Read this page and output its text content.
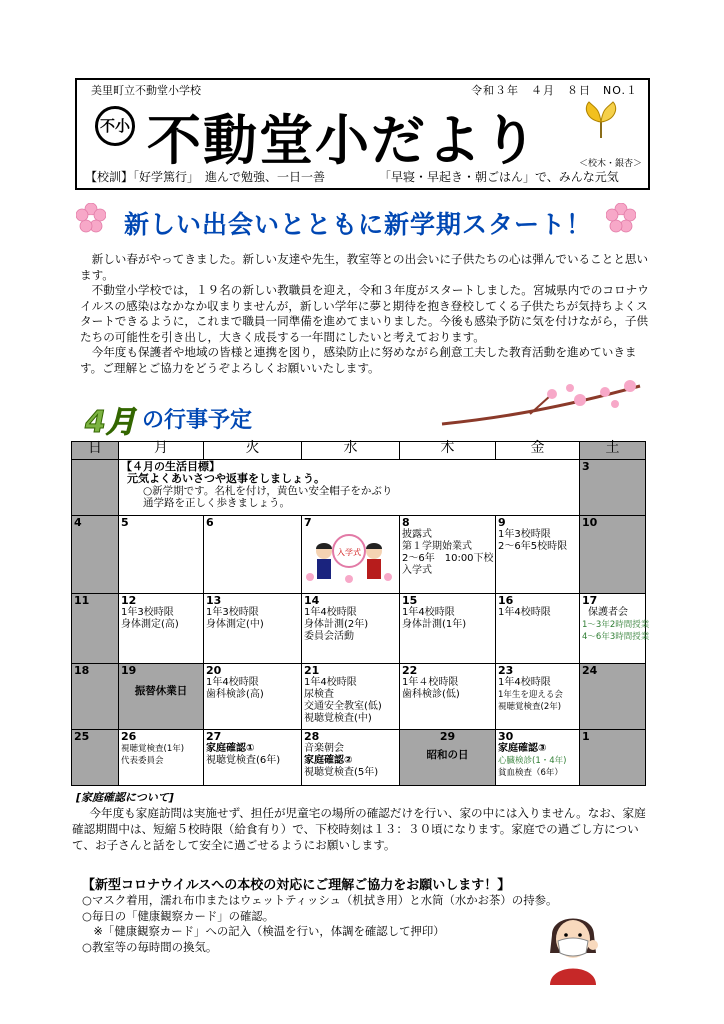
美里町立不動堂小学校	令和３年　４月　８日　NO.１
不小 不動堂小だより	＜校木・銀杏＞
【校訓】「好学篤行」　進んで勉強、一日一善	「早寝・早起き・朝ごはん」で、みんな元気
新しい出会いとともに新学期スタート！

新しい春がやってきました。新しい友達や先生，教室等との出会いに子供たちの心は弾んでいることと思います。

不動堂小学校では，１９名の新しい教職員を迎え，令和３年度がスタートしました。宮城県内でのコロナウイルスの感染はなかなか収まりませんが，新しい学年に夢と期待を抱き登校してくる子供たちが気持ちよくスタートできるように，これまで職員一同準備を進めてまいりました。今後も感染予防に気を付けながら，子供たちの可能性を引き出し，大きく成長する一年間にしたいと考えております。

今年度も保護者や地域の皆様と連携を図り，感染防止に努めながら創意工夫した教育活動を進めていきます。ご理解とご協力をどうぞよろしくお願いいたします。

4月 の行事予定
日	月	火	水	木	金	土

	【４月の生活目標】
元気よくあいさつや返事をしましょう。
○新学期です。名札を付け，黄色い安全帽子をかぶり
通学路を正しく歩きましょう。					3

4	5	6	7
入学式	8
披露式
第１学期始業式
2～6年　10:00下校
入学式	9
1年3校時限
2～6年5校時限	10

11	12
1年3校時限
身体測定(高)	13
1年3校時限
身体測定(中)	14
1年4校時限
身体計測(2年)
委員会活動	15
1年4校時限
身体計測(1年)	16
1年4校時限	17
保護者会
1～3年2時間授業
4～6年3時間授業

18	19
振替休業日	20
1年4校時限
歯科検診(高)	21
1年4校時限
尿検査
交通安全教室(低)
視聴覚検査(中)	22
1年４校時限
歯科検診(低)	23
1年4校時限
1年生を迎える会
視聴覚検査(2年)	24

25	26
視聴覚検査(1年)
代表委員会	27
家庭確認①
視聴覚検査(6年)	28
音楽朝会
家庭確認②
視聴覚検査(5年)	29
昭和の日	30
家庭確認③
心臓検診(1・4年)
貧血検査（6年）	1
[家庭確認について]

今年度も家庭訪問は実施せず、担任が児童宅の場所の確認だけを行い、家の中には入りません。なお、家庭確認期間中は、短縮５校時限（給食有り）で、下校時刻は１３：３０頃になります。家庭での過ごし方について、お子さんと話をして安全に過ごせるようにお願いします。

【新型コロナウイルスへの本校の対応にご理解ご協力をお願いします！】
○マスク着用，濡れ布巾またはウェットティッシュ（机拭き用）と水筒（水かお茶）の持参。
○毎日の「健康観察カード」の確認。
　※「健康観察カード」への記入（検温を行い，体調を確認して押印）
○教室等の毎時間の換気。
